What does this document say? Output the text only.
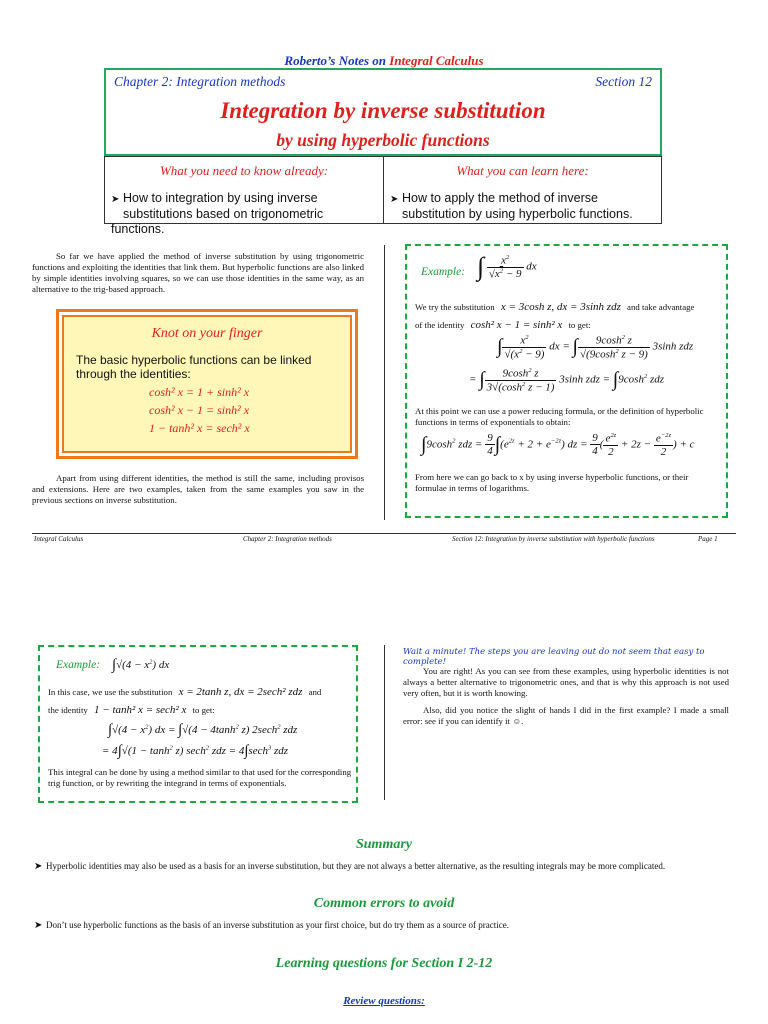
Roberto’s Notes on Integral Calculus
Chapter 2: Integration methods	Section 12
Integration by inverse substitution
by using hyperbolic functions
What you need to know already:
➤ How to integration by using inverse
substitutions based on trigonometric functions.
What you can learn here:
➤ How to apply the method of inverse
substitution by using hyperbolic functions.
So far we have applied the method of inverse substitution by using trigonometric functions and exploiting the identities that link them. But hyperbolic functions are also linked by simple identities involving squares, so we can use those identities in the same way, as an alternative to the trig-based approach.
Knot on your finger
The basic hyperbolic functions can be linked through the identities:
cosh² x = 1 + sinh² x
cosh² x − 1 = sinh² x
1 − tanh² x = sech² x
Apart from using different identities, the method is still the same, including provisos and extensions. Here are two examples, taken from the same examples you saw in the previous sections on inverse substitution.
Example: ∫ $\frac{x^2}{√x^2 - 9}$ dx
We try the substitution x = 3cosh z, dx = 3sinh zdz and take advantage
of the identity cosh² x − 1 = sinh² x to get:
∫ $\frac{x^2}{√(x^2 - 9)}$ dx = ∫ $\frac{9\cosh^2 z}{√(9\cosh^2 z - 9)} 3\sinh$ zdz
= ∫ $\frac{9\cosh^2 z}{3√(\cosh^2 z - 1)} 3\sinh$ zdz = $\int 9\cosh^2$ zdz
At this point we can use a power reducing formula, or the definition of hyperbolic functions in terms of exponentials to obtain:
$\int 9\cosh^2$ zdz = $\frac{9}{4} \int(e^{2z} + 2 + e^{-2z})$ dz = $\frac{9}{4}$ ( $\frac{e^{2z}}{2} + 2z - \frac{e^{-2z}}{2}$ ) + c
From here we can go back to x by using inverse hyperbolic functions, or their formulae in terms of logarithms.
Integral Calculus	Chapter 2: Integration methods	Section 12: Integration by inverse substitution with hyperbolic functions	Page 1
Example: $\int√(4 - x^2)$ dx
In this case, we use the substitution x = 2tanh z, dx = 2sech² zdz and
the identity 1 − tanh² x = sech² x to get:
$\int√(4 - x^2)$ dx = $\int√(4 - 4\tanh^2$ z) 2sech$^2$ zdz
= $4\int√(1 - \tanh^2 z)$ sech$^2$ zdz = 4∫sech$^3$ zdz
This integral can be done by using a method similar to that used for the corresponding trig function, or by rewriting the integrand in terms of exponentials.
Wait a minute! The steps you are leaving out do not seem that easy to complete!
You are right! As you can see from these examples, using hyperbolic identities is not always a better alternative to trigonometric ones, and that is why this approach is not used very often, but it is worth knowing.
Also, did you notice the slight of hands I did in the first example? I made a small error: see if you can identify it ☺.
Summary
➤ Hyperbolic identities may also be used as a basis for an inverse substitution, but they are not always a better alternative, as the resulting integrals may be more complicated.
Common errors to avoid
➤ Don’t use hyperbolic functions as the basis of an inverse substitution as your first choice, but do try them as a source of practice.
Learning questions for Section I 2-12
Review questions:
